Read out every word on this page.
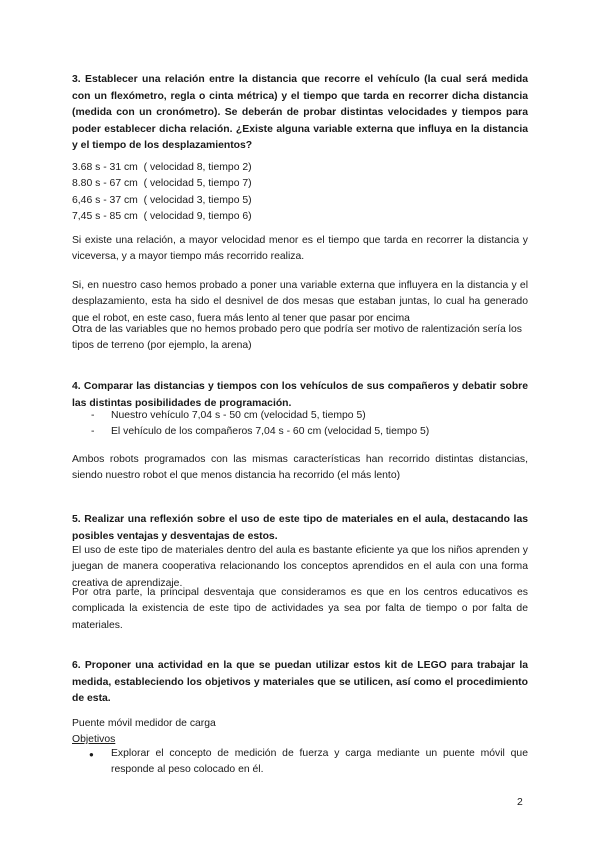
3. Establecer una relación entre la distancia que recorre el vehículo (la cual será medida con un flexómetro, regla o cinta métrica) y el tiempo que tarda en recorrer dicha distancia (medida con un cronómetro). Se deberán de probar distintas velocidades y tiempos para poder establecer dicha relación. ¿Existe alguna variable externa que influya en la distancia y el tiempo de los desplazamientos?

3.68 s - 31 cm  ( velocidad 8, tiempo 2)

8.80 s - 67 cm  ( velocidad 5, tiempo 7)

6,46 s - 37 cm  ( velocidad 3, tiempo 5)

7,45 s - 85 cm  ( velocidad 9, tiempo 6)

Si existe una relación, a mayor velocidad menor es el tiempo que tarda en recorrer la distancia y viceversa, y a mayor tiempo más recorrido realiza.

Si, en nuestro caso hemos probado a poner una variable externa que influyera en la distancia y el desplazamiento, esta ha sido el desnivel de dos mesas que estaban juntas, lo cual ha generado que el robot, en este caso, fuera más lento al tener que pasar por encima

Otra de las variables que no hemos probado pero que podría ser motivo de ralentización sería los tipos de terreno (por ejemplo, la arena)

4. Comparar las distancias y tiempos con los vehículos de sus compañeros y debatir sobre las distintas posibilidades de programación.

- Nuestro vehículo 7,04 s - 50 cm (velocidad 5, tiempo 5)
- El vehículo de los compañeros 7,04 s - 60 cm (velocidad 5, tiempo 5)

Ambos robots programados con las mismas características han recorrido distintas distancias, siendo nuestro robot el que menos distancia ha recorrido (el más lento)

5. Realizar una reflexión sobre el uso de este tipo de materiales en el aula, destacando las posibles ventajas y desventajas de estos.

El uso de este tipo de materiales dentro del aula es bastante eficiente ya que los niños aprenden y juegan de manera cooperativa relacionando los conceptos aprendidos en el aula con una forma creativa de aprendizaje.

Por otra parte, la principal desventaja que consideramos es que en los centros educativos es complicada la existencia de este tipo de actividades ya sea por falta de tiempo o por falta de materiales.

6. Proponer una actividad en la que se puedan utilizar estos kit de LEGO para trabajar la medida, estableciendo los objetivos y materiales que se utilicen, así como el procedimiento de esta.

Puente móvil medidor de carga

Objetivos

● Explorar el concepto de medición de fuerza y carga mediante un puente móvil que responde al peso colocado en él.

2
